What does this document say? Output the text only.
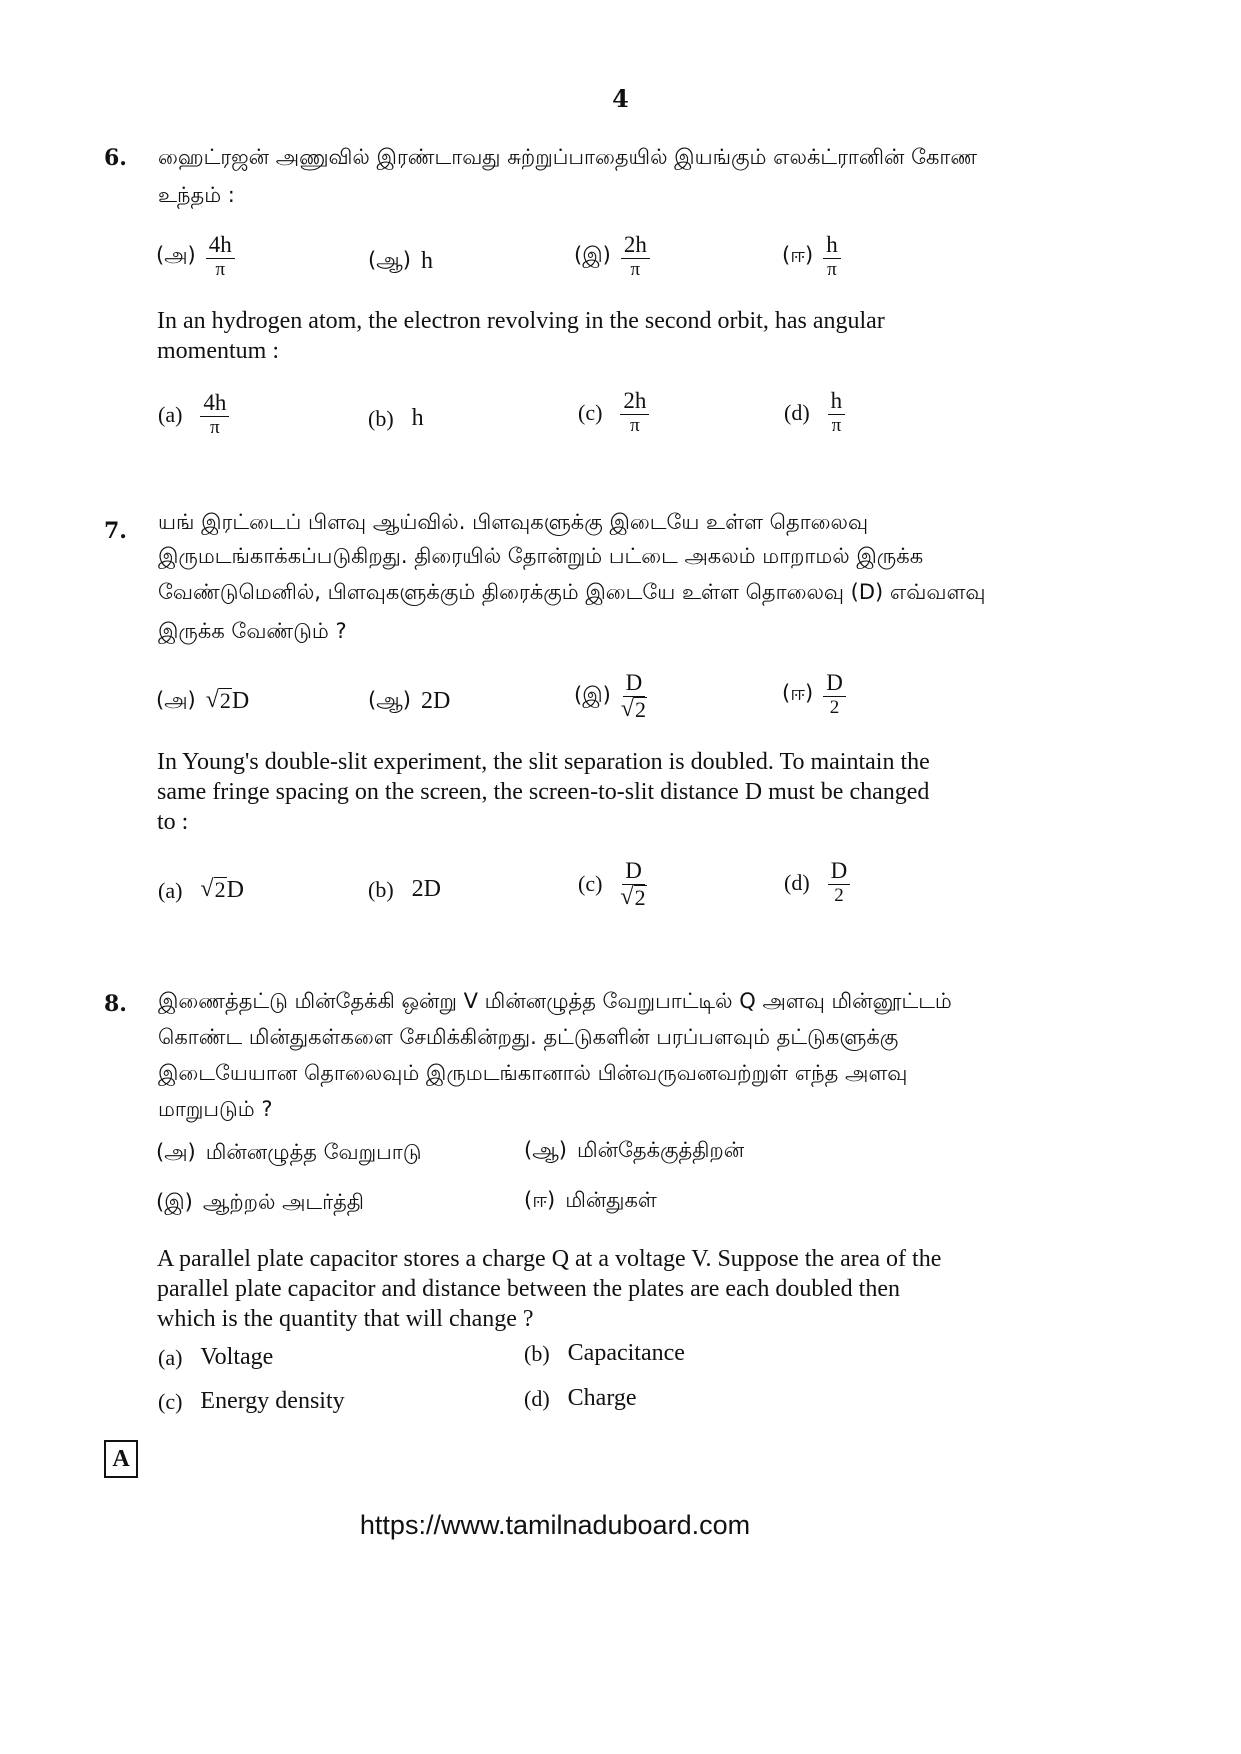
4
6. ஹைட்ரஜன் அணுவில் இரண்டாவது சுற்றுப்பாதையில் இயங்கும் எலக்ட்ரானின் கோண
உந்தம் :
(அ) $\frac{4h}{\pi}$	(ஆ) h	(இ) $\frac{2h}{\pi}$	(ஈ) $\frac{h}{\pi}$
In an hydrogen atom, the electron revolving in the second orbit, has angular
momentum :
$(a) \frac{4h}{\pi}$	(b) h	$(c) \frac{2h}{\pi}$	$(d) \frac{h}{\pi}$
7. யங் இரட்டைப் பிளவு ஆய்வில். பிளவுகளுக்கு இடையே உள்ள தொலைவு
இருமடங்காக்கப்படுகிறது. திரையில் தோன்றும் பட்டை அகலம் மாறாமல் இருக்க
வேண்டுமெனில், பிளவுகளுக்கும் திரைக்கும் இடையே உள்ள தொலைவு (D) எவ்வளவு
இருக்க வேண்டும் ?
(அ) √ 2 D	(ஆ) 2D	(இ) $\frac{D}{√ 2}$	(ஈ) $\frac{D}{2}$
In Young's double-slit experiment, the slit separation is doubled. To maintain the
same fringe spacing on the screen, the screen-to-slit distance D must be changed
to :
(a) √ 2 D	(b) 2D	$(c) \frac{D}{√ 2}$	$(d) \frac{D}{2}$
8. இணைத்தட்டு மின்தேக்கி ஒன்று V மின்னழுத்த வேறுபாட்டில் Q அளவு மின்னூட்டம்
கொண்ட மின்துகள்களை சேமிக்கின்றது. தட்டுகளின் பரப்பளவும் தட்டுகளுக்கு
இடையேயான தொலைவும் இருமடங்கானால் பின்வருவனவற்றுள் எந்த அளவு
மாறுபடும் ?
(அ) மின்னழுத்த வேறுபாடு	(ஆ) மின்தேக்குத்திறன்
(இ) ஆற்றல் அடர்த்தி	(ஈ) மின்துகள்
A parallel plate capacitor stores a charge Q at a voltage V. Suppose the area of the
parallel plate capacitor and distance between the plates are each doubled then
which is the quantity that will change ?
(a) Voltage	(b) Capacitance
(c) Energy density	(d) Charge
A
https://www.tamilnaduboard.com
